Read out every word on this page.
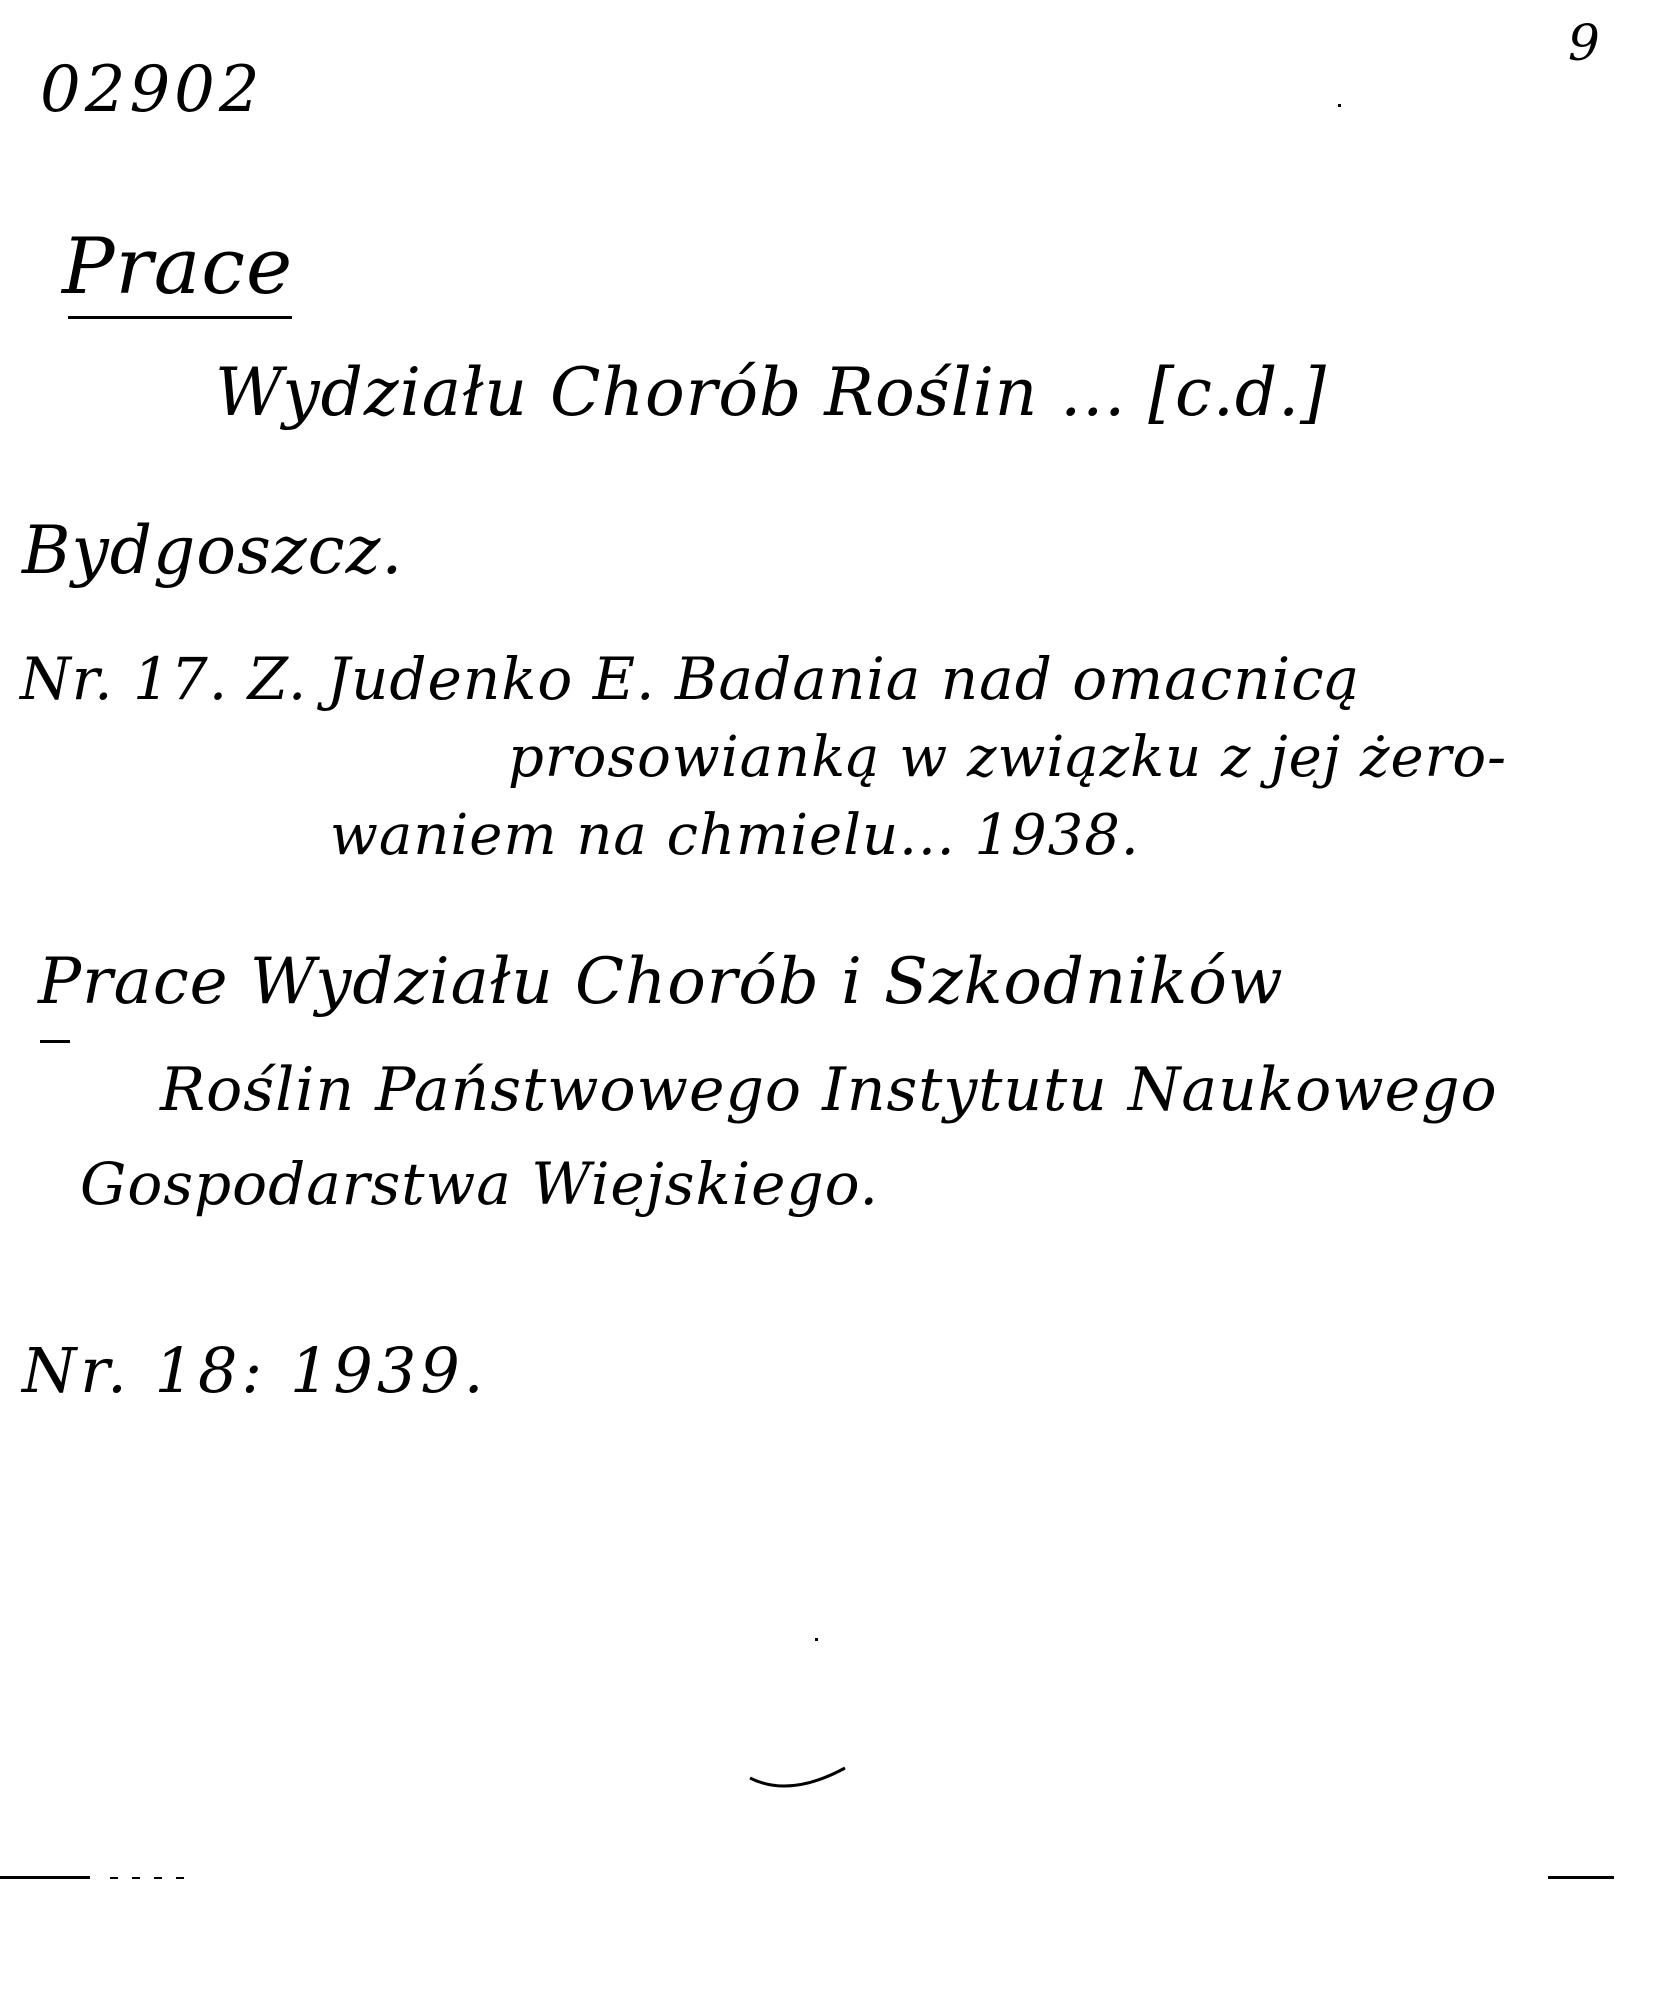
02902
9
Prace
Wydziału Chorób Roślin ... [c.d.]
Bydgoszcz.
Nr. 17. Z. Judenko E. Badania nad omacnicą
prosowianką w związku z jej żero-
waniem na chmielu... 1938.
Prace Wydziału Chorób i Szkodników
Roślin Państwowego Instytutu Naukowego
Gospodarstwa Wiejskiego.
Nr. 18: 1939.
